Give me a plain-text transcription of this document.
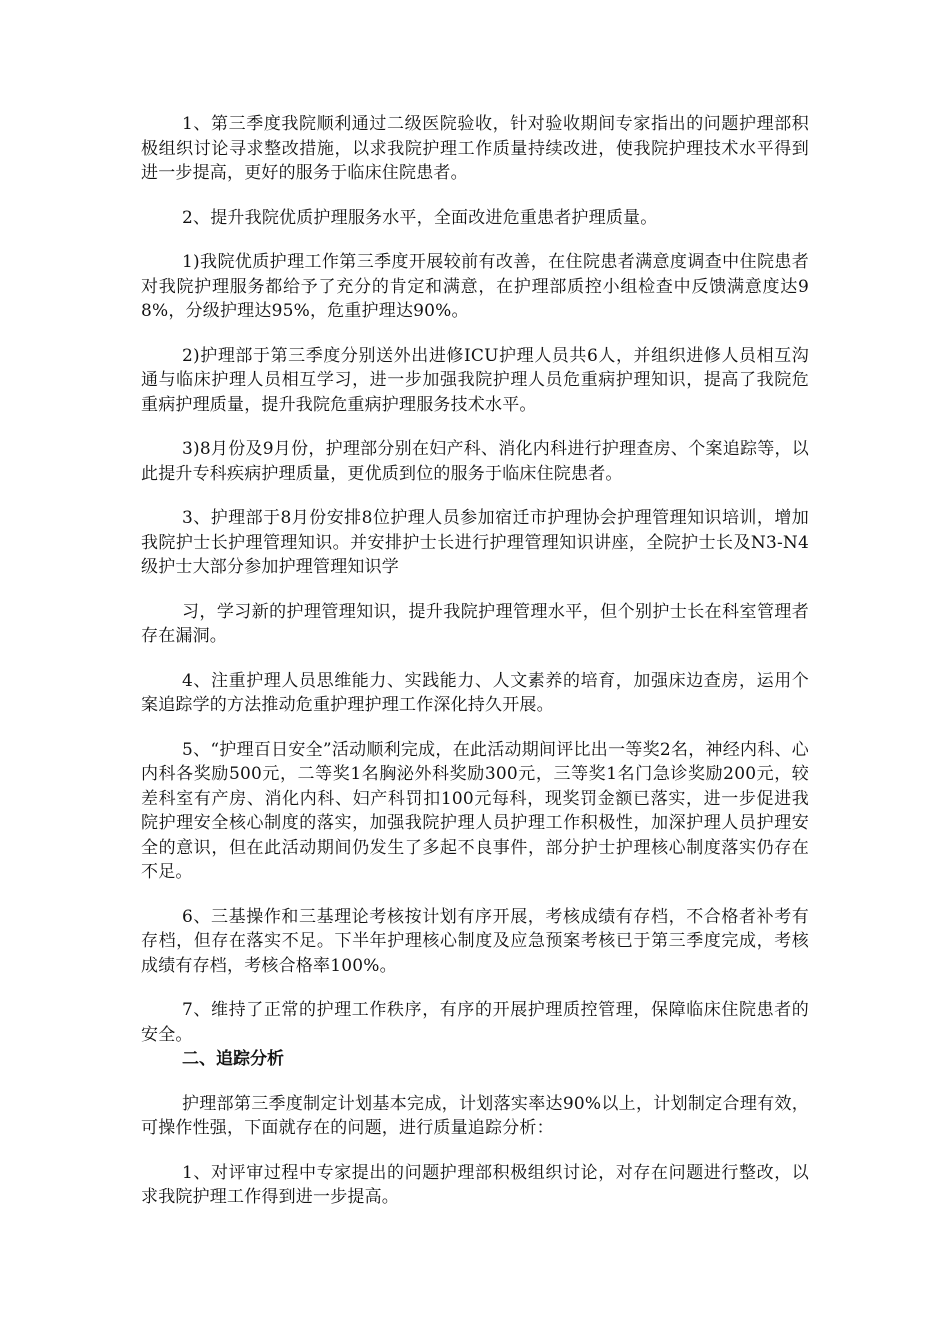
1、第三季度我院顺利通过二级医院验收，针对验收期间专家指出的问题护理部积极组织讨论寻求整改措施，以求我院护理工作质量持续改进，使我院护理技术水平得到进一步提高，更好的服务于临床住院患者。

2、提升我院优质护理服务水平，全面改进危重患者护理质量。

1)我院优质护理工作第三季度开展较前有改善，在住院患者满意度调查中住院患者对我院护理服务都给予了充分的肯定和满意，在护理部质控小组检查中反馈满意度达98%，分级护理达95%，危重护理达90%。

2)护理部于第三季度分别送外出进修ICU护理人员共6人，并组织进修人员相互沟通与临床护理人员相互学习，进一步加强我院护理人员危重病护理知识，提高了我院危重病护理质量，提升我院危重病护理服务技术水平。

3)8月份及9月份，护理部分别在妇产科、消化内科进行护理查房、个案追踪等，以此提升专科疾病护理质量，更优质到位的服务于临床住院患者。

3、护理部于8月份安排8位护理人员参加宿迁市护理协会护理管理知识培训，增加我院护士长护理管理知识。并安排护士长进行护理管理知识讲座，全院护士长及N3-N4级护士大部分参加护理管理知识学

习，学习新的护理管理知识，提升我院护理管理水平，但个别护士长在科室管理者存在漏洞。

4、注重护理人员思维能力、实践能力、人文素养的培育，加强床边查房，运用个案追踪学的方法推动危重护理护理工作深化持久开展。

5、“护理百日安全”活动顺利完成，在此活动期间评比出一等奖2名，神经内科、心内科各奖励500元，二等奖1名胸泌外科奖励300元，三等奖1名门急诊奖励200元，较差科室有产房、消化内科、妇产科罚扣100元每科，现奖罚金额已落实，进一步促进我院护理安全核心制度的落实，加强我院护理人员护理工作积极性，加深护理人员护理安全的意识，但在此活动期间仍发生了多起不良事件，部分护士护理核心制度落实仍存在不足。

6、三基操作和三基理论考核按计划有序开展，考核成绩有存档，不合格者补考有存档，但存在落实不足。下半年护理核心制度及应急预案考核已于第三季度完成，考核成绩有存档，考核合格率100%。

7、维持了正常的护理工作秩序，有序的开展护理质控管理，保障临床住院患者的安全。

二、追踪分析

护理部第三季度制定计划基本完成，计划落实率达90%以上，计划制定合理有效，可操作性强，下面就存在的问题，进行质量追踪分析：

1、对评审过程中专家提出的问题护理部积极组织讨论，对存在问题进行整改，以求我院护理工作得到进一步提高。
